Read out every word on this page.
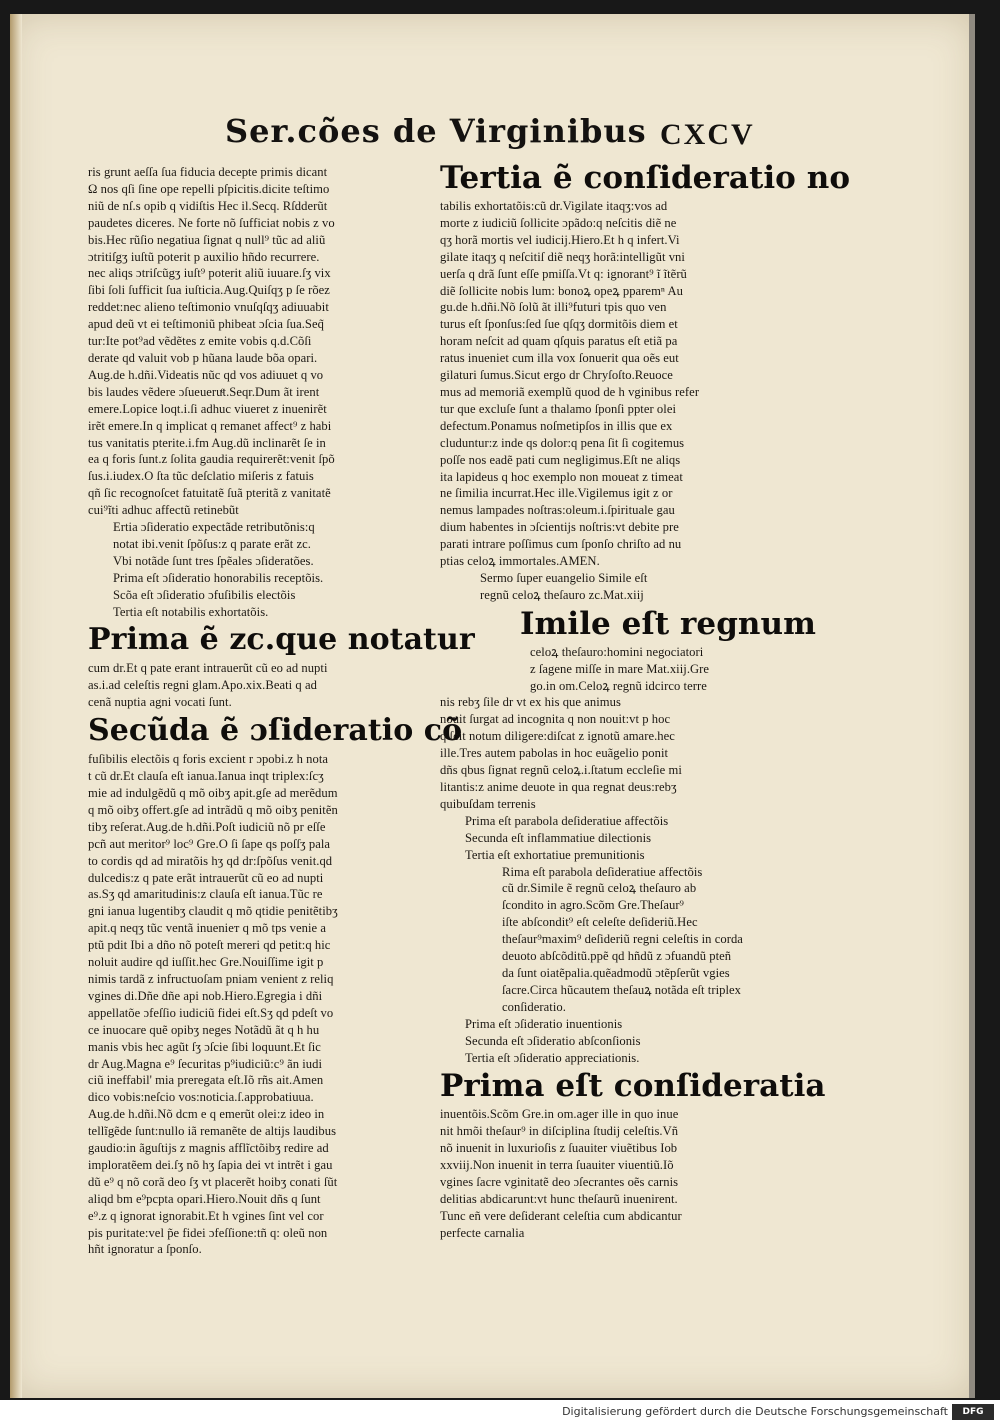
Ser.cões de Virginibus CXCV
ris grunt aeſſa ſua fiducia decepte primis dicant
Ω nos qſi ſine ope repelli pſpicitis.dicite teſtimo
niũ de nſ.s opib q vidiſtis Hec il.Secq. Rſdderũt
paudetes diceres. Ne forte nõ ſufficiat nobis z vo
bis.Hec rũſio negatiua ſignat q null⁹ tũc ad aliũ
ɔtritiſgʒ iuſtũ poterit p auxilio hñdo recurrere.
nec aliqs ɔtriſcũgʒ iuſt⁹ poterit aliũ iuuare.ſʒ vix
ſibi ſoli ſufficit ſua iuſticia.Aug.Quiſqʒ p ſe rõez
reddet:nec alieno teſtimonio vnuſqſqʒ adiuuabit
apud deũ vt ei teſtimoniũ phibeat ɔſcia ſua.Seq̃
tur:Ite pot⁹ad vẽdẽtes z emite vobis q.d.Cõſi
derate qd valuit vob p hũana laude bõa opari.
Aug.de h.dñi.Videatis nũc qd vos adiuuet q vo
bis laudes vẽdere ɔſueueruͤt.Seqr.Dum ãt irent
emere.Lopice loqt.i.ſi adhuc viueret z inuenirẽt
irẽt emere.In q implicat q remanet affect⁹ z habi
tus vanitatis pterite.i.fm Aug.dũ inclinarẽt ſe in
ea q foris ſunt.z ſolita gaudia requirerẽt:venit ſpõ
ſus.i.iudex.O ſta tũc deſclatio miſeris z fatuis
qñ ſic recognoſcet fatuitatẽ ſuã pteritã z vanitatẽ
cui⁹ĩti adhuc affectũ retinebũt
Ertia ɔſideratio expectãde retributõnis:q
notat ibi.venit ſpõſus:z q parate erãt zc.
Vbi notãde ſunt tres ſpẽales ɔſideratões.
Prima eſt ɔſideratio honorabilis receptõis.
Scõa eſt ɔſideratio ɔfuſibilis electõis
Tertia eſt notabilis exhortatõis.
Prima ẽ zc.que notatur
cum dr.Et q pate erant intrauerũt cũ eo ad nupti
as.i.ad celeſtis regni glam.Apo.xix.Beati q ad
cenã nuptia agni vocati ſunt.
Secũda ẽ ɔſideratio cõ
fuſibilis electõis q foris excient r ɔpobi.z h nota
t cũ dr.Et clauſa eſt ianua.Ianua inqt triplex:ſcʒ
mie ad indulgẽdũ q mõ oibʒ apit.gſe ad merẽdum
q mõ oibʒ offert.gſe ad intrãdũ q mõ oibʒ penitẽn
tibʒ reſerat.Aug.de h.dñi.Poſt iudiciũ nõ pr eſſe
pcñ aut meritor⁹ loc⁹ Gre.O ſi ſape qs poſſʒ pala
to cordis qd ad miratõis hʒ qd dr:ſpõſus venit.qd
dulcedis:z q pate erãt intrauerũt cũ eo ad nupti
as.Sʒ qd amaritudinis:z clauſa eſt ianua.Tũc re
gni ianua lugentibʒ claudit q mõ qtidie penitẽtibʒ
apit.q neqʒ tũc ventã inuenieт q mõ tps venie a
ptũ pdit Ibi a dño nõ poteſt mereri qd petit:q hic
noluit audire qd iuſſit.hec Gre.Nouiſſime igit p
nimis tardã z infructuoſam pniam venient z reliq
vgines di.Dñe dñe api nob.Hiero.Egregia i dñi
appellatõe ɔfeſſio iudiciũ fidei eſt.Sʒ qd pdeſt vo
ce inuocare quẽ opibʒ neges Notãdũ ãt q h hu
manis vbis hec agũt ſʒ ɔſcie ſibi loquunt.Et ſic
dr Aug.Magna e⁹ ſecuritas p⁹iudiciũ:c⁹ ãn iudi
ciũ ineffabil' mia preregata eſt.Iõ rñs ait.Amen
dico vobis:neſcio vos:noticia.ſ.approbatiuua.
Aug.de h.dñi.Nõ dcm e q emerũt olei:z ideo in
tellĩgẽde ſunt:nullo iã remanẽte de altijs laudibus
gaudio:in ãguſtijs z magnis afflĩctõibʒ redire ad
imploratẽem dei.ſʒ nõ hʒ ſapia dei vt intrẽt i gau
dũ e⁹ q nõ corã deo ſʒ vt placerẽt hoibʒ conati ſũt
aliqd bm e⁹pcpta opari.Hiero.Nouit dñs q ſunt
e⁹.z q ignorat ignorabit.Et h vgines ſint vel cor
pis puritate:vel p̃e fidei ɔfeſſione:tñ q: oleũ non
hñt ignoratur a ſponſo.
Tertia ẽ conſideratio no
tabilis exhortatõis:cũ dr.Vigilate itaqʒ:vos ad
morte z iudiciũ ſollicite ɔpãdo:q neſcitis diẽ ne
qʒ horã mortis vel iudicij.Hiero.Et h q infert.Vi
gilate itaqʒ q neſcitiſ diẽ neqʒ horã:intelligũt vni
uerſa q drã ſunt eſſe pmiſſa.Vt q: ignorant⁹ ĩ ĩtẽrũ
diẽ ſollicite nobis lum: bonoꝝ opeꝝ pparemⁿ Au
gu.de h.dñi.Nõ ſolũ ãt illi⁹futuri tpis quo ven
turus eſt ſponſus:ſed ſue qſqʒ dormitõis diem et
horam neſcit ad quam qſquis paratus eſt etiã pa
ratus inueniet cum illa vox ſonuerit qua oẽs eut
gilaturi ſumus.Sicut ergo dr Chryſoſto.Reuoce
mus ad memoriã exemplũ quod de h vginibus refer
tur que excluſe ſunt a thalamo ſponſi ppter olei
defectum.Ponamus noſmetipſos in illis que ex
cluduntur:z inde qs dolor:q pena ſit ſi cogitemus
poſſe nos eadẽ pati cum negligimus.Eſt ne aliqs
ita lapideus q hoc exemplo non moueat z timeat
ne ſimilia incurrat.Hec ille.Vigilemus igit z or
nemus lampades noſtras:oleum.i.ſpirituale gau
dium habentes in ɔſcientijs noſtris:vt debite pre
parati intrare poſſimus cum ſponſo chriſto ad nu
ptias celoꝝ immortales.AMEN.
Sermo ſuper euangelio Simile eſt
regnũ celoꝝ theſauro zc.Mat.xiij
Imile eſt regnum
celoꝝ theſauro:homini negociatori
z ſagene miſſe in mare Mat.xiij.Gre
go.in om.Celoꝝ regnũ idcirco terre
nis rebʒ ſile dr vt ex his que animus
nouit ſurgat ad incognita q non nouit:vt p hoc
q ſcit notum diligere:diſcat z ignotũ amare.hec
ille.Tres autem pabolas in hoc euãgelio ponit
dñs qbus ſignat regnũ celoꝝ.i.ſtatum eccleſie mi
litantis:z anime deuote in qua regnat deus:rebʒ
quibuſdam terrenis
Prima eſt parabola deſideratiue affectõis
Secunda eſt inflammatiue dilectionis
Tertia eſt exhortatiue premunitionis
Rima eſt parabola deſideratiue affectõis
cũ dr.Simile ẽ regnũ celoꝝ theſauro ab
ſcondito in agro.Scõm Gre.Theſaur⁹
iſte abſcondit⁹ eſt celeſte deſideriũ.Hec
theſaur⁹maxim⁹ deſideriũ regni celeſtis in corda
deuoto abſcõditũ.ppẽ qd hñdũ z ɔfuandũ pteñ
da ſunt oiatẽpalia.quẽadmodũ ɔtẽpſerũt vgies
ſacre.Circa hũcautem theſauꝝ notãda eſt triplex
conſideratio.
Prima eſt ɔſideratio inuentionis
Secunda eſt ɔſideratio abſconſionis
Tertia eſt ɔſideratio appreciationis.
Prima eſt conſideratia
inuentõis.Scõm Gre.in om.ager ille in quo inue
nit hmõi theſaur⁹ in diſciplina ſtudij celeſtis.Vñ
nõ inuenit in luxurioſis z ſuauiter viuẽtibus Iob
xxviij.Non inuenit in terra ſuauiter viuentiũ.Iõ
vgines ſacre vginitatẽ deo ɔſecrantes oẽs carnis
delitias abdicarunt:vt hunc theſaurũ inuenirent.
Tunc eñ vere deſiderant celeſtia cum abdicantur
perfecte carnalia
Digitalisierung gefördert durch die Deutsche Forschungsgemeinschaft	DFG
